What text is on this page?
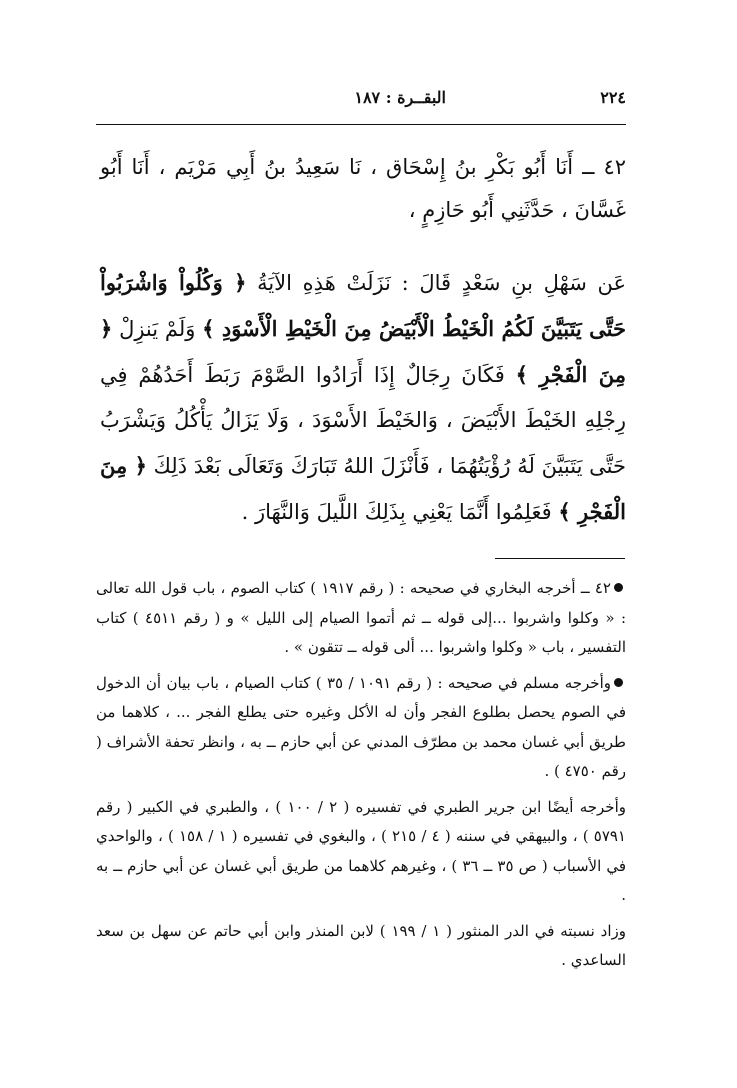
٢٢٤
البقــرة : ١٨٧

٤٢ ــ أَنَا أَبُو بَكْرِ بنُ إِسْحَاق ، نَا سَعِيدُ بنُ أَبِي مَرْيَم ، أَنَا أَبُو غَسَّانَ ، حَدَّثَنِي أَبُو حَازِمٍ ،

عَن سَهْلِ بنِ سَعْدٍ قَالَ : نَزَلَتْ هَذِهِ الآيَةُ ﴿ وَكُلُواْ وَاشْرَبُواْ حَتَّى يَتَبَيَّنَ لَكُمُ الْخَيْطُ الْأَبْيَضُ مِنَ الْخَيْطِ الْأَسْوَدِ ﴾ وَلَمْ يَنزِلْ ﴿ مِنَ الْفَجْرِ ﴾ فَكَانَ رِجَالٌ إِذَا أَرَادُوا الصَّوْمَ رَبَطَ أَحَدُهُمْ فِي رِجْلِهِ الخَيْطَ الأَبْيَضَ ، وَالخَيْطَ الأَسْوَدَ ، وَلَا يَزَالُ يَأْكُلُ وَيَشْرَبُ حَتَّى يَتَبَيَّنَ لَهُ رُؤْيَتُهُمَا ، فَأَنْزَلَ اللهُ تَبَارَكَ وَتَعَالَى بَعْدَ ذَلِكَ ﴿ مِنَ الْفَجْرِ ﴾ فَعَلِمُوا أَنَّمَا يَعْنِي بِذَلِكَ اللَّيلَ وَالنَّهَارَ .

٤٢ ــ أخرجه البخاري في صحيحه : ( رقم ١٩١٧ ) كتاب الصوم ، باب قول الله تعالى : « وكلوا واشربوا ...إلى قوله ــ ثم أتموا الصيام إلى الليل » و ( رقم ٤٥١١ ) كتاب التفسير ، باب « وكلوا واشربوا ... ألى قوله ــ تتقون » .

وأخرجه مسلم في صحيحه : ( رقم ١٠٩١ / ٣٥ ) كتاب الصيام ، باب بيان أن الدخول في الصوم يحصل بطلوع الفجر وأن له الأكل وغيره حتى يطلع الفجر ... ، كلاهما من طريق أبي غسان محمد بن مطرّف المدني عن أبي حازم ــ به ، وانظر تحفة الأشراف ( رقم ٤٧٥٠ ) .

وأخرجه أيضًا ابن جرير الطبري في تفسيره ( ٢ / ١٠٠ ) ، والطبري في الكبير ( رقم ٥٧٩١ ) ، والبيهقي في سننه ( ٤ / ٢١٥ ) ، والبغوي في تفسيره ( ١ / ١٥٨ ) ، والواحدي في الأسباب ( ص ٣٥ ــ ٣٦ ) ، وغيرهم كلاهما من طريق أبي غسان عن أبي حازم ــ به .

وزاد نسبته في الدر المنثور ( ١ / ١٩٩ ) لابن المنذر وابن أبي حاتم عن سهل بن سعد الساعدي .
